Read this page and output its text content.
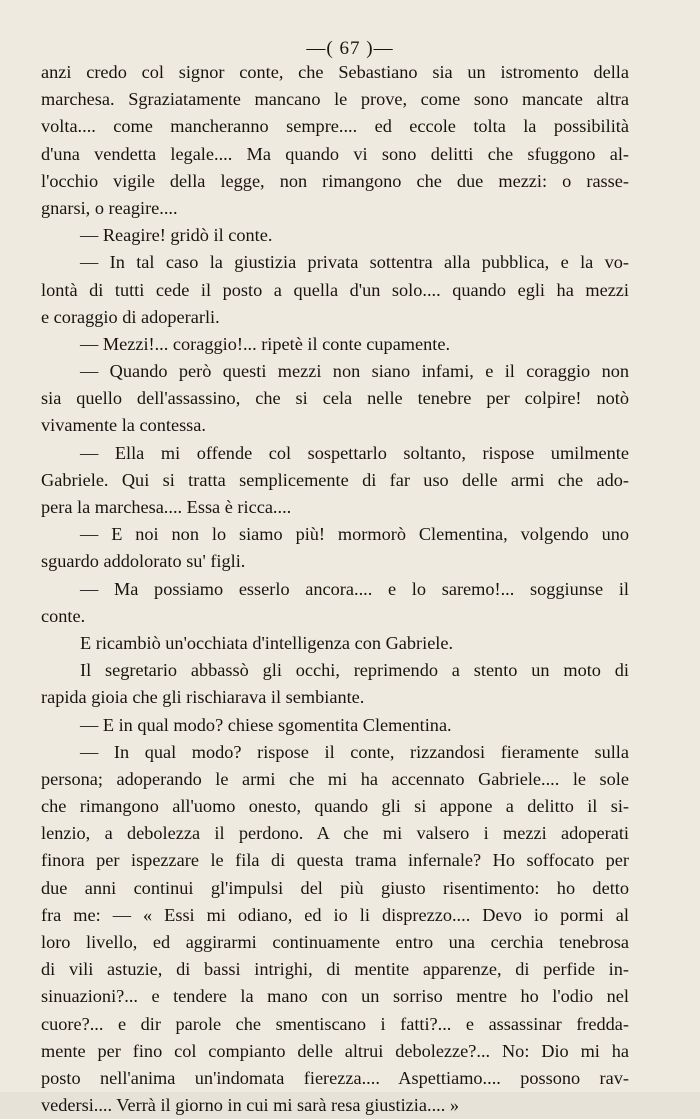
—( 67 )—
anzi credo col signor conte, che Sebastiano sia un istromento della
marchesa. Sgraziatamente mancano le prove, come sono mancate altra
volta.... come mancheranno sempre.... ed eccole tolta la possibilità
d'una vendetta legale.... Ma quando vi sono delitti che sfuggono al-
l'occhio vigile della legge, non rimangono che due mezzi: o rasse-
gnarsi, o reagire....
— Reagire! gridò il conte.
— In tal caso la giustizia privata sottentra alla pubblica, e la vo-
lontà di tutti cede il posto a quella d'un solo.... quando egli ha mezzi
e coraggio di adoperarli.
— Mezzi!... coraggio!... ripetè il conte cupamente.
— Quando però questi mezzi non siano infami, e il coraggio non
sia quello dell'assassino, che si cela nelle tenebre per colpire! notò
vivamente la contessa.
— Ella mi offende col sospettarlo soltanto, rispose umilmente
Gabriele. Qui si tratta semplicemente di far uso delle armi che ado-
pera la marchesa.... Essa è ricca....
— E noi non lo siamo più! mormorò Clementina, volgendo uno
sguardo addolorato su' figli.
— Ma possiamo esserlo ancora.... e lo saremo!... soggiunse il
conte.
E ricambiò un'occhiata d'intelligenza con Gabriele.
Il segretario abbassò gli occhi, reprimendo a stento un moto di
rapida gioia che gli rischiarava il sembiante.
— E in qual modo? chiese sgomentita Clementina.
— In qual modo? rispose il conte, rizzandosi fieramente sulla
persona; adoperando le armi che mi ha accennato Gabriele.... le sole
che rimangono all'uomo onesto, quando gli si appone a delitto il si-
lenzio, a debolezza il perdono. A che mi valsero i mezzi adoperati
finora per ispezzare le fila di questa trama infernale? Ho soffocato per
due anni continui gl'impulsi del più giusto risentimento: ho detto
fra me: — « Essi mi odiano, ed io li disprezzo.... Devo io pormi al
loro livello, ed aggirarmi continuamente entro una cerchia tenebrosa
di vili astuzie, di bassi intrighi, di mentite apparenze, di perfide in-
sinuazioni?... e tendere la mano con un sorriso mentre ho l'odio nel
cuore?... e dir parole che smentiscano i fatti?... e assassinar fredda-
mente per fino col compianto delle altrui debolezze?... No: Dio mi ha
posto nell'anima un'indomata fierezza.... Aspettiamo.... possono rav-
vedersi.... Verrà il giorno in cui mi sarà resa giustizia.... »
